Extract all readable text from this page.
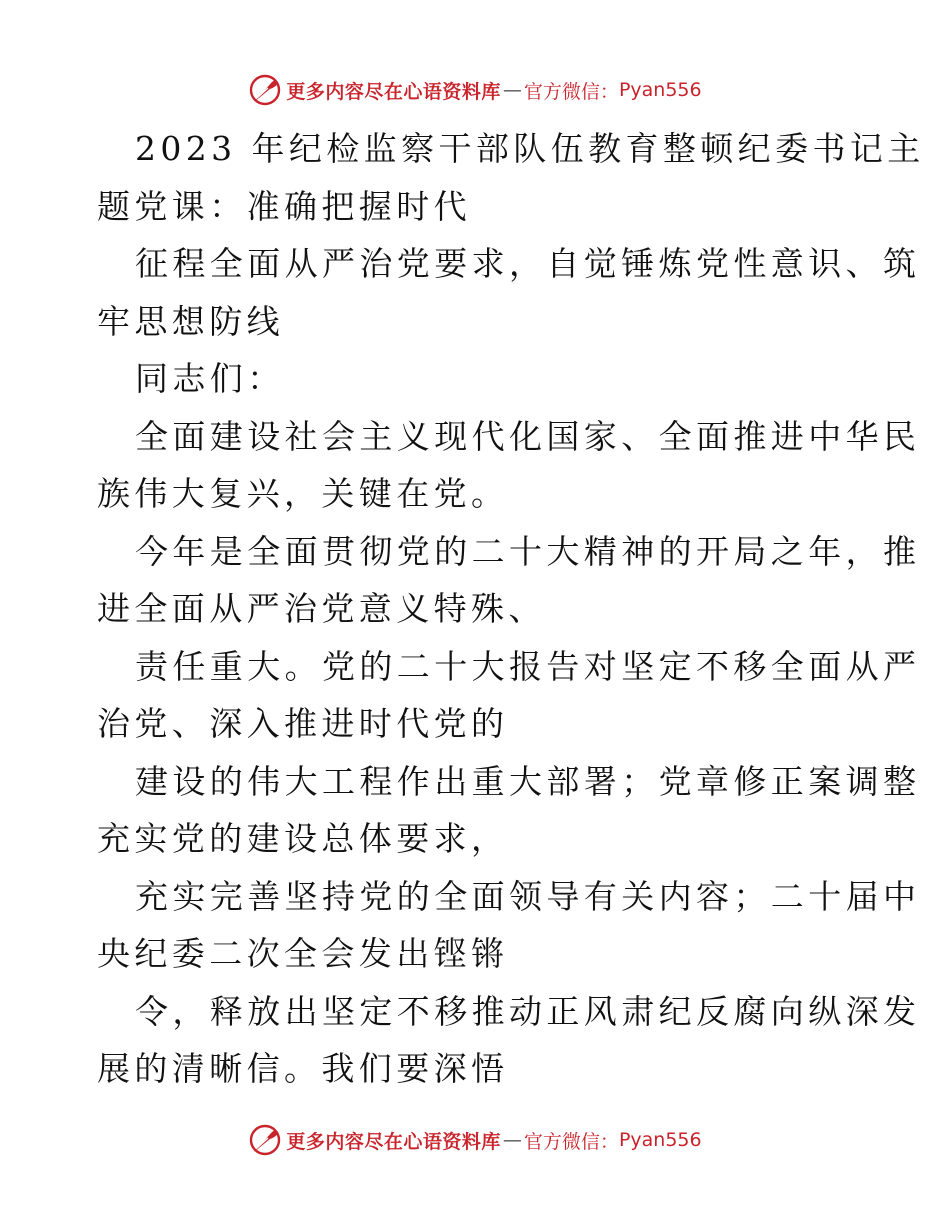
更多内容尽在心语资料库 — 官方微信： Pyan556
2023 年纪检监察干部队伍教育整顿纪委书记主
题党课：准确把握时代
征程全面从严治党要求，自觉锤炼党性意识、筑
牢思想防线
同志们：
全面建设社会主义现代化国家、全面推进中华民
族伟大复兴，关键在党。
今年是全面贯彻党的二十大精神的开局之年，推
进全面从严治党意义特殊、
责任重大。党的二十大报告对坚定不移全面从严
治党、深入推进时代党的
建设的伟大工程作出重大部署；党章修正案调整
充实党的建设总体要求，
充实完善坚持党的全面领导有关内容；二十届中
央纪委二次全会发出铿锵
令，释放出坚定不移推动正风肃纪反腐向纵深发
展的清晰信。我们要深悟
更多内容尽在心语资料库 — 官方微信： Pyan556
